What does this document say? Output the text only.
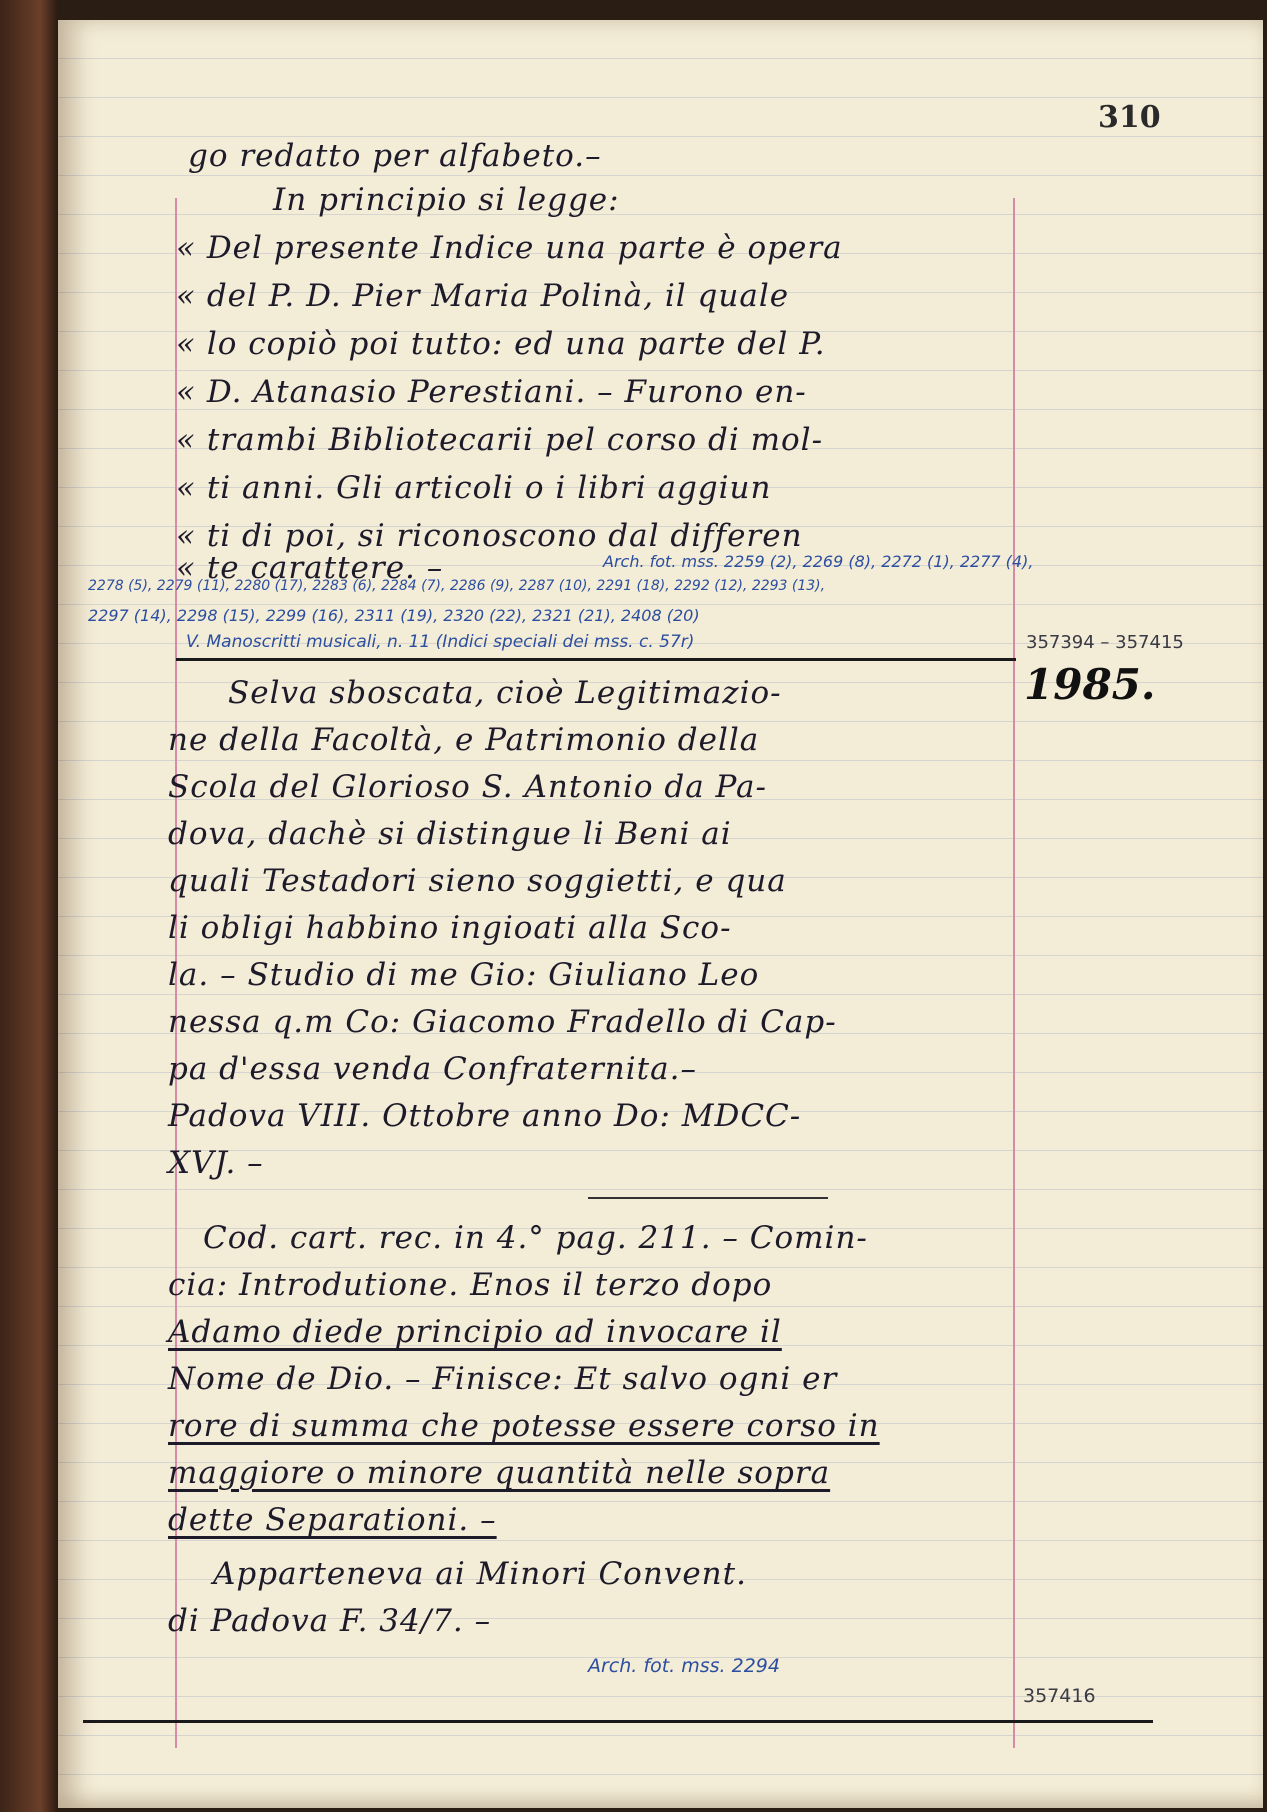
310

go redatto per alfabeto.–

In principio si legge:

« Del presente Indice una parte è opera

« del P. D. Pier Maria Polinà, il quale

« lo copiò poi tutto: ed una parte del P.

« D. Atanasio Perestiani. – Furono en-

« trambi Bibliotecarii pel corso di mol-

« ti anni. Gli articoli o i libri aggiun

« ti di poi, si riconoscono dal differen

« te carattere. –	Arch. fot. mss. 2259 (2), 2269 (8), 2272 (1), 2277 (4),

2278 (5), 2279 (11), 2280 (17), 2283 (6), 2284 (7), 2286 (9), 2287 (10), 2291 (18), 2292 (12), 2293 (13),

2297 (14), 2298 (15), 2299 (16), 2311 (19), 2320 (22), 2321 (21), 2408 (20)

V. Manoscritti musicali, n. 11 (Indici speciali dei mss. c. 57r)	357394 – 357415

1985.

Selva sboscata, cioè Legitimazio-

ne della Facoltà, e Patrimonio della

Scola del Glorioso S. Antonio da Pa-

dova, dachè si distingue li Beni ai

quali Testadori sieno soggietti, e qua

li obligi habbino ingioati alla Sco-

la. – Studio di me Gio: Giuliano Leo

nessa q.m Co: Giacomo Fradello di Cap-

pa d'essa venda Confraternita.–

Padova VIII. Ottobre anno Do: MDCC-

XVJ. –

Cod. cart. rec. in 4.° pag. 211. – Comin-

cia: Introdutione. Enos il terzo dopo

Adamo diede principio ad invocare il

Nome de Dio. – Finisce: Et salvo ogni er

rore di summa che potesse essere corso in

maggiore o minore quantità nelle sopra

dette Separationi. –

Apparteneva ai Minori Convent.

di Padova F. 34/7. –

Arch. fot. mss. 2294

357416
